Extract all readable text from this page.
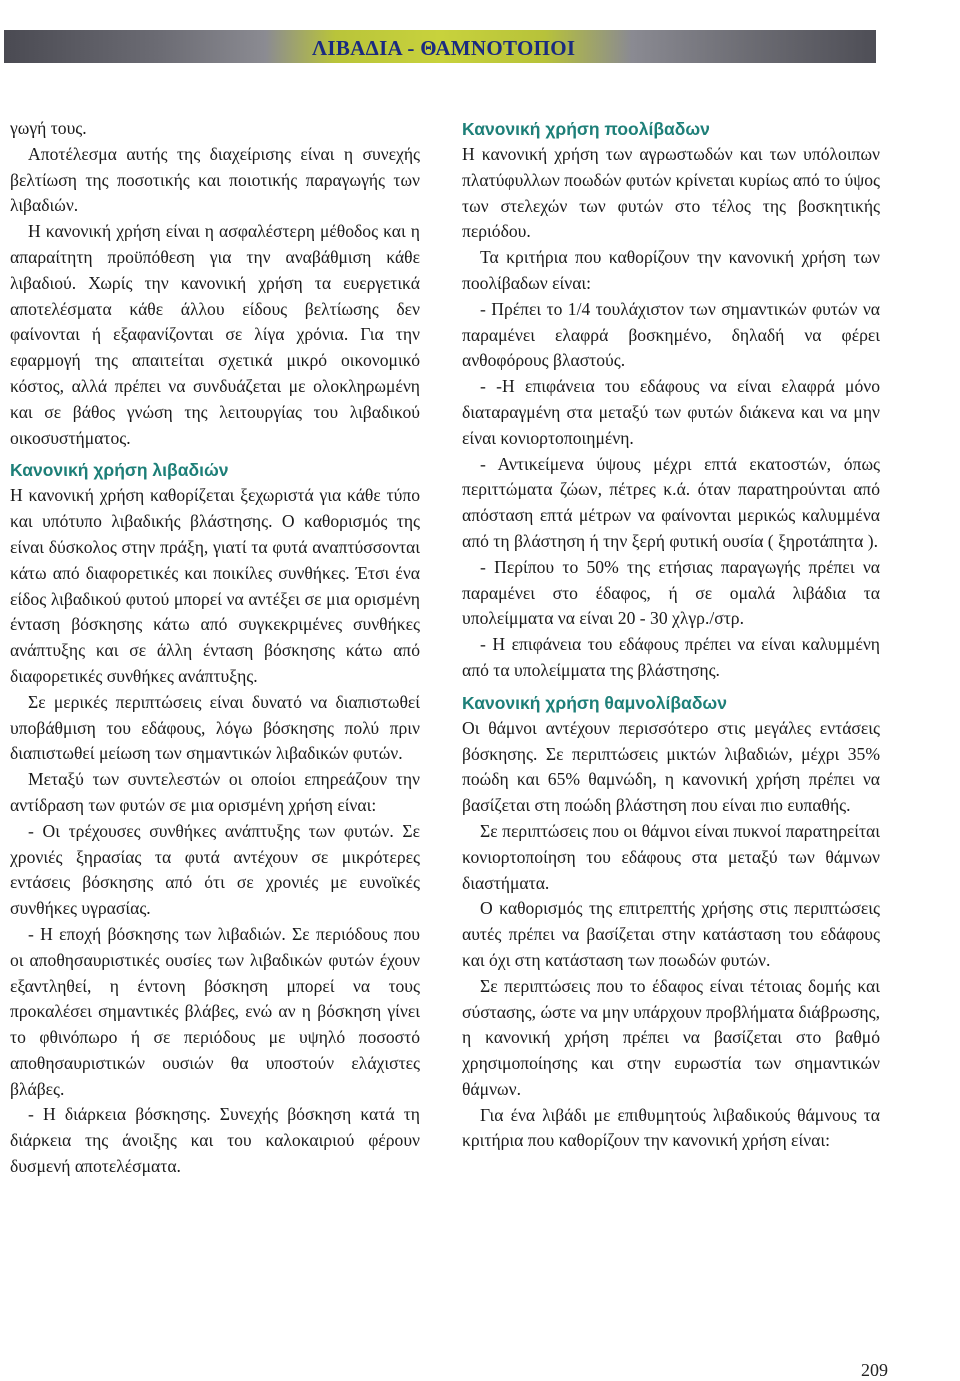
ΛΙΒΑΔΙΑ - ΘΑΜΝΟΤΟΠΟΙ

γωγή τους.

Αποτέλεσμα αυτής της διαχείρισης είναι η συνεχής βελτίωση της ποσοτικής και ποιοτικής παραγωγής των λιβαδιών.

Η κανονική χρήση είναι η ασφαλέστερη μέθοδος και η απαραίτητη προϋπόθεση για την αναβάθμιση κάθε λιβαδιού. Χωρίς την κανονική χρήση τα ευεργετικά αποτελέσματα κάθε άλλου είδους βελτίωσης δεν φαίνονται ή εξαφανίζονται σε λίγα χρόνια. Για την εφαρμογή της απαιτείται σχετικά μικρό οικονομικό κόστος, αλλά πρέπει να συνδυάζεται με ολοκληρωμένη και σε βάθος γνώση της λειτουργίας του λιβαδικού οικοσυστήματος.

Κανονική χρήση λιβαδιών

Η κανονική χρήση καθορίζεται ξεχωριστά για κάθε τύπο και υπότυπο λιβαδικής βλάστησης. Ο καθορισμός της είναι δύσκολος στην πράξη, γιατί τα φυτά αναπτύσσονται κάτω από διαφορετικές και ποικίλες συνθήκες. Έτσι ένα είδος λιβαδικού φυτού μπορεί να αντέξει σε μια ορισμένη ένταση βόσκησης κάτω από συγκεκριμένες συνθήκες ανάπτυξης και σε άλλη ένταση βόσκησης κάτω από διαφορετικές συνθήκες ανάπτυξης.

Σε μερικές περιπτώσεις είναι δυνατό να διαπιστωθεί υποβάθμιση του εδάφους, λόγω βόσκησης πολύ πριν διαπιστωθεί μείωση των σημαντικών λιβαδικών φυτών.

Μεταξύ των συντελεστών οι οποίοι επηρεάζουν την αντίδραση των φυτών σε μια ορισμένη χρήση είναι:

- Οι τρέχουσες συνθήκες ανάπτυξης των φυτών. Σε χρονιές ξηρασίας τα φυτά αντέχουν σε μικρότερες εντάσεις βόσκησης από ότι σε χρονιές με ευνοϊκές συνθήκες υγρασίας.

- Η εποχή βόσκησης των λιβαδιών. Σε περιόδους που οι αποθησαυριστικές ουσίες των λιβαδικών φυτών έχουν εξαντληθεί, η έντονη βόσκηση μπορεί να τους προκαλέσει σημαντικές βλάβες, ενώ αν η βόσκηση γίνει το φθινόπωρο ή σε περιόδους με υψηλό ποσοστό αποθησαυριστικών ουσιών θα υποστούν ελάχιστες βλάβες.

- Η διάρκεια βόσκησης. Συνεχής βόσκηση κατά τη διάρκεια της άνοιξης και του καλοκαιριού φέρουν δυσμενή αποτελέσματα.

Κανονική χρήση ποολίβαδων

Η κανονική χρήση των αγρωστωδών και των υπόλοιπων πλατύφυλλων ποωδών φυτών κρίνεται κυρίως από το ύψος των στελεχών των φυτών στο τέλος της βοσκητικής περιόδου.

Τα κριτήρια που καθορίζουν την κανονική χρήση των ποολίβαδων είναι:

- Πρέπει το 1/4 τουλάχιστον των σημαντικών φυτών να παραμένει ελαφρά βοσκημένο, δηλαδή να φέρει ανθοφόρους βλαστούς.

- -Η επιφάνεια του εδάφους να είναι ελαφρά μόνο διαταραγμένη στα μεταξύ των φυτών διάκενα και να μην είναι κονιορτοποιημένη.

- Αντικείμενα ύψους μέχρι επτά εκατοστών, όπως περιττώματα ζώων, πέτρες κ.ά. όταν παρατηρούνται από απόσταση επτά μέτρων να φαίνονται μερικώς καλυμμένα από τη βλάστηση ή την ξερή φυτική ουσία ( ξηροτάπητα ).

- Περίπου το 50% της ετήσιας παραγωγής πρέπει να παραμένει στο έδαφος, ή σε ομαλά λιβάδια τα υπολείμματα να είναι 20 - 30 χλγρ./στρ.

- Η επιφάνεια του εδάφους πρέπει να είναι καλυμμένη από τα υπολείμματα της βλάστησης.

Κανονική χρήση θαμνολίβαδων

Οι θάμνοι αντέχουν περισσότερο στις μεγάλες εντάσεις βόσκησης. Σε περιπτώσεις μικτών λιβαδιών, μέχρι 35% ποώδη και 65% θαμνώδη, η κανονική χρήση πρέπει να βασίζεται στη ποώδη βλάστηση που είναι πιο ευπαθής.

Σε περιπτώσεις που οι θάμνοι είναι πυκνοί παρατηρείται κονιορτοποίηση του εδάφους στα μεταξύ των θάμνων διαστήματα.

Ο καθορισμός της επιτρεπτής χρήσης στις περιπτώσεις αυτές πρέπει να βασίζεται στην κατάσταση του εδάφους και όχι στη κατάσταση των ποωδών φυτών.

Σε περιπτώσεις που το έδαφος είναι τέτοιας δομής και σύστασης, ώστε να μην υπάρχουν προβλήματα διάβρωσης, η κανονική χρήση πρέπει να βασίζεται στο βαθμό χρησιμοποίησης και στην ευρωστία των σημαντικών θάμνων.

Για ένα λιβάδι με επιθυμητούς λιβαδικούς θάμνους τα κριτήρια που καθορίζουν την κανονική χρήση είναι:

209
